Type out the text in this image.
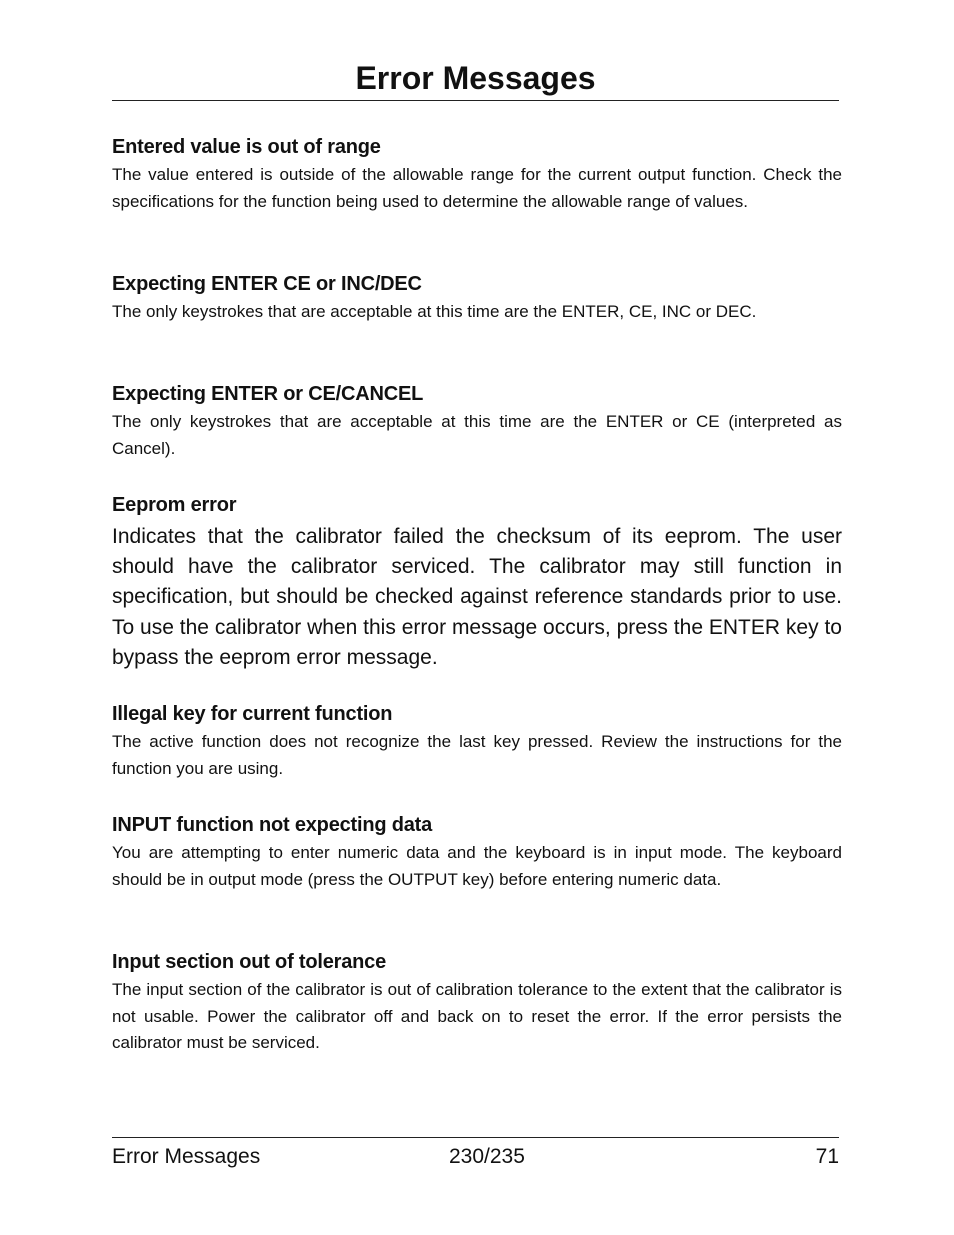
Error Messages
Entered value is out of range

The value entered is outside of the allowable range for the current output function. Check the specifications for the function being used to determine the allowable range of values.

Expecting ENTER CE or INC/DEC

The only keystrokes that are acceptable at this time are the ENTER, CE, INC or DEC.

Expecting ENTER or CE/CANCEL

The only keystrokes that are acceptable at this time are the ENTER or CE (interpreted as Cancel).

Eeprom error

Indicates that the calibrator failed the checksum of its eeprom. The user should have the calibrator serviced. The calibrator may still function in specification, but should be checked against reference standards prior to use. To use the calibrator when this error message occurs, press the ENTER key to bypass the eeprom error message.

Illegal key for current function

The active function does not recognize the last key pressed. Review the instructions for the function you are using.

INPUT function not expecting data

You are attempting to enter numeric data and the keyboard is in input mode. The keyboard should be in output mode (press the OUTPUT key) before entering numeric data.

Input section out of tolerance

The input section of the calibrator is out of calibration tolerance to the extent that the calibrator is not usable. Power the calibrator off and back on to reset the error. If the error persists the calibrator must be serviced.

Error Messages	230/235	71
